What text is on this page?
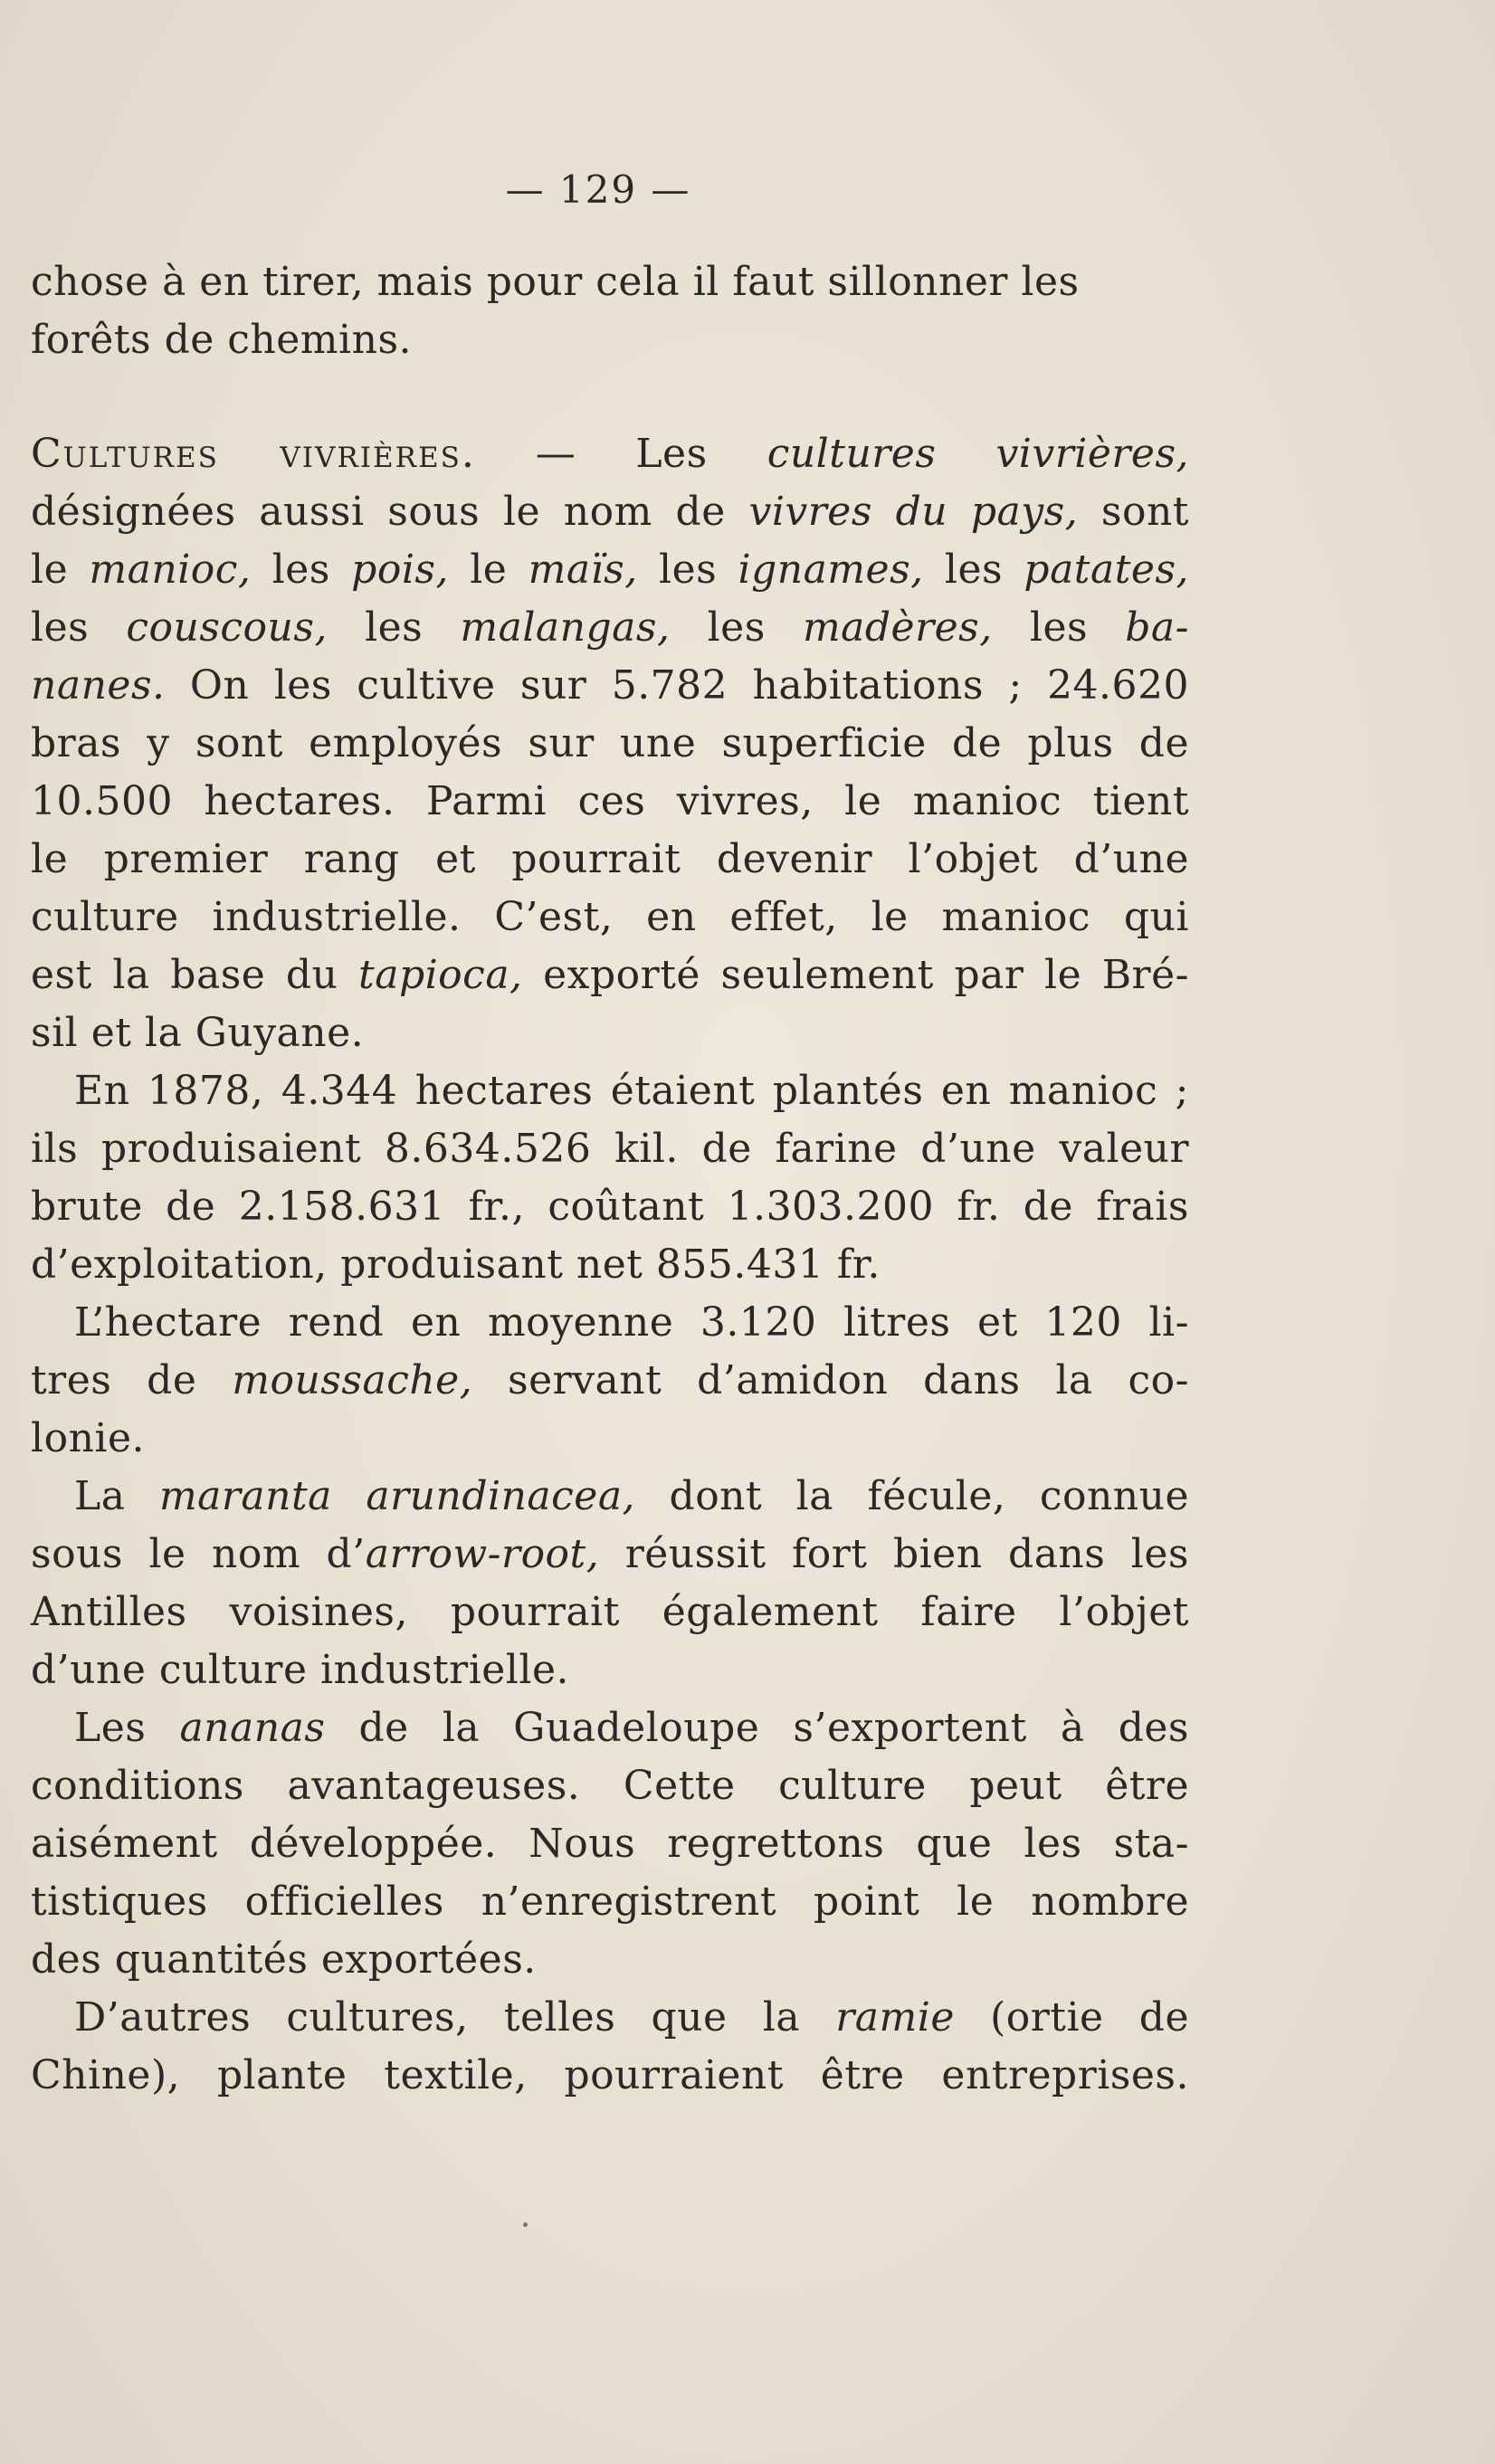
— 129 —
chose à en tirer, mais pour cela il faut sillonner les
forêts de chemins.
Cultures vivrières. — Les cultures vivrières,
désignées aussi sous le nom de vivres du pays, sont
le manioc, les pois, le maïs, les ignames, les patates,
les couscous, les malangas, les madères, les ba-
nanes. On les cultive sur 5.782 habitations ; 24.620
bras y sont employés sur une superficie de plus de
10.500 hectares. Parmi ces vivres, le manioc tient
le premier rang et pourrait devenir l’objet d’une
culture industrielle. C’est, en effet, le manioc qui
est la base du tapioca, exporté seulement par le Bré-
sil et la Guyane.
En 1878, 4.344 hectares étaient plantés en manioc ;
ils produisaient 8.634.526 kil. de farine d’une valeur
brute de 2.158.631 fr., coûtant 1.303.200 fr. de frais
d’exploitation, produisant net 855.431 fr.
L’hectare rend en moyenne 3.120 litres et 120 li-
tres de moussache, servant d’amidon dans la co-
lonie.
La maranta arundinacea, dont la fécule, connue
sous le nom d’arrow-root, réussit fort bien dans les
Antilles voisines, pourrait également faire l’objet
d’une culture industrielle.
Les ananas de la Guadeloupe s’exportent à des
conditions avantageuses. Cette culture peut être
aisément développée. Nous regrettons que les sta-
tistiques officielles n’enregistrent point le nombre
des quantités exportées.
D’autres cultures, telles que la ramie (ortie de
Chine), plante textile, pourraient être entreprises.
